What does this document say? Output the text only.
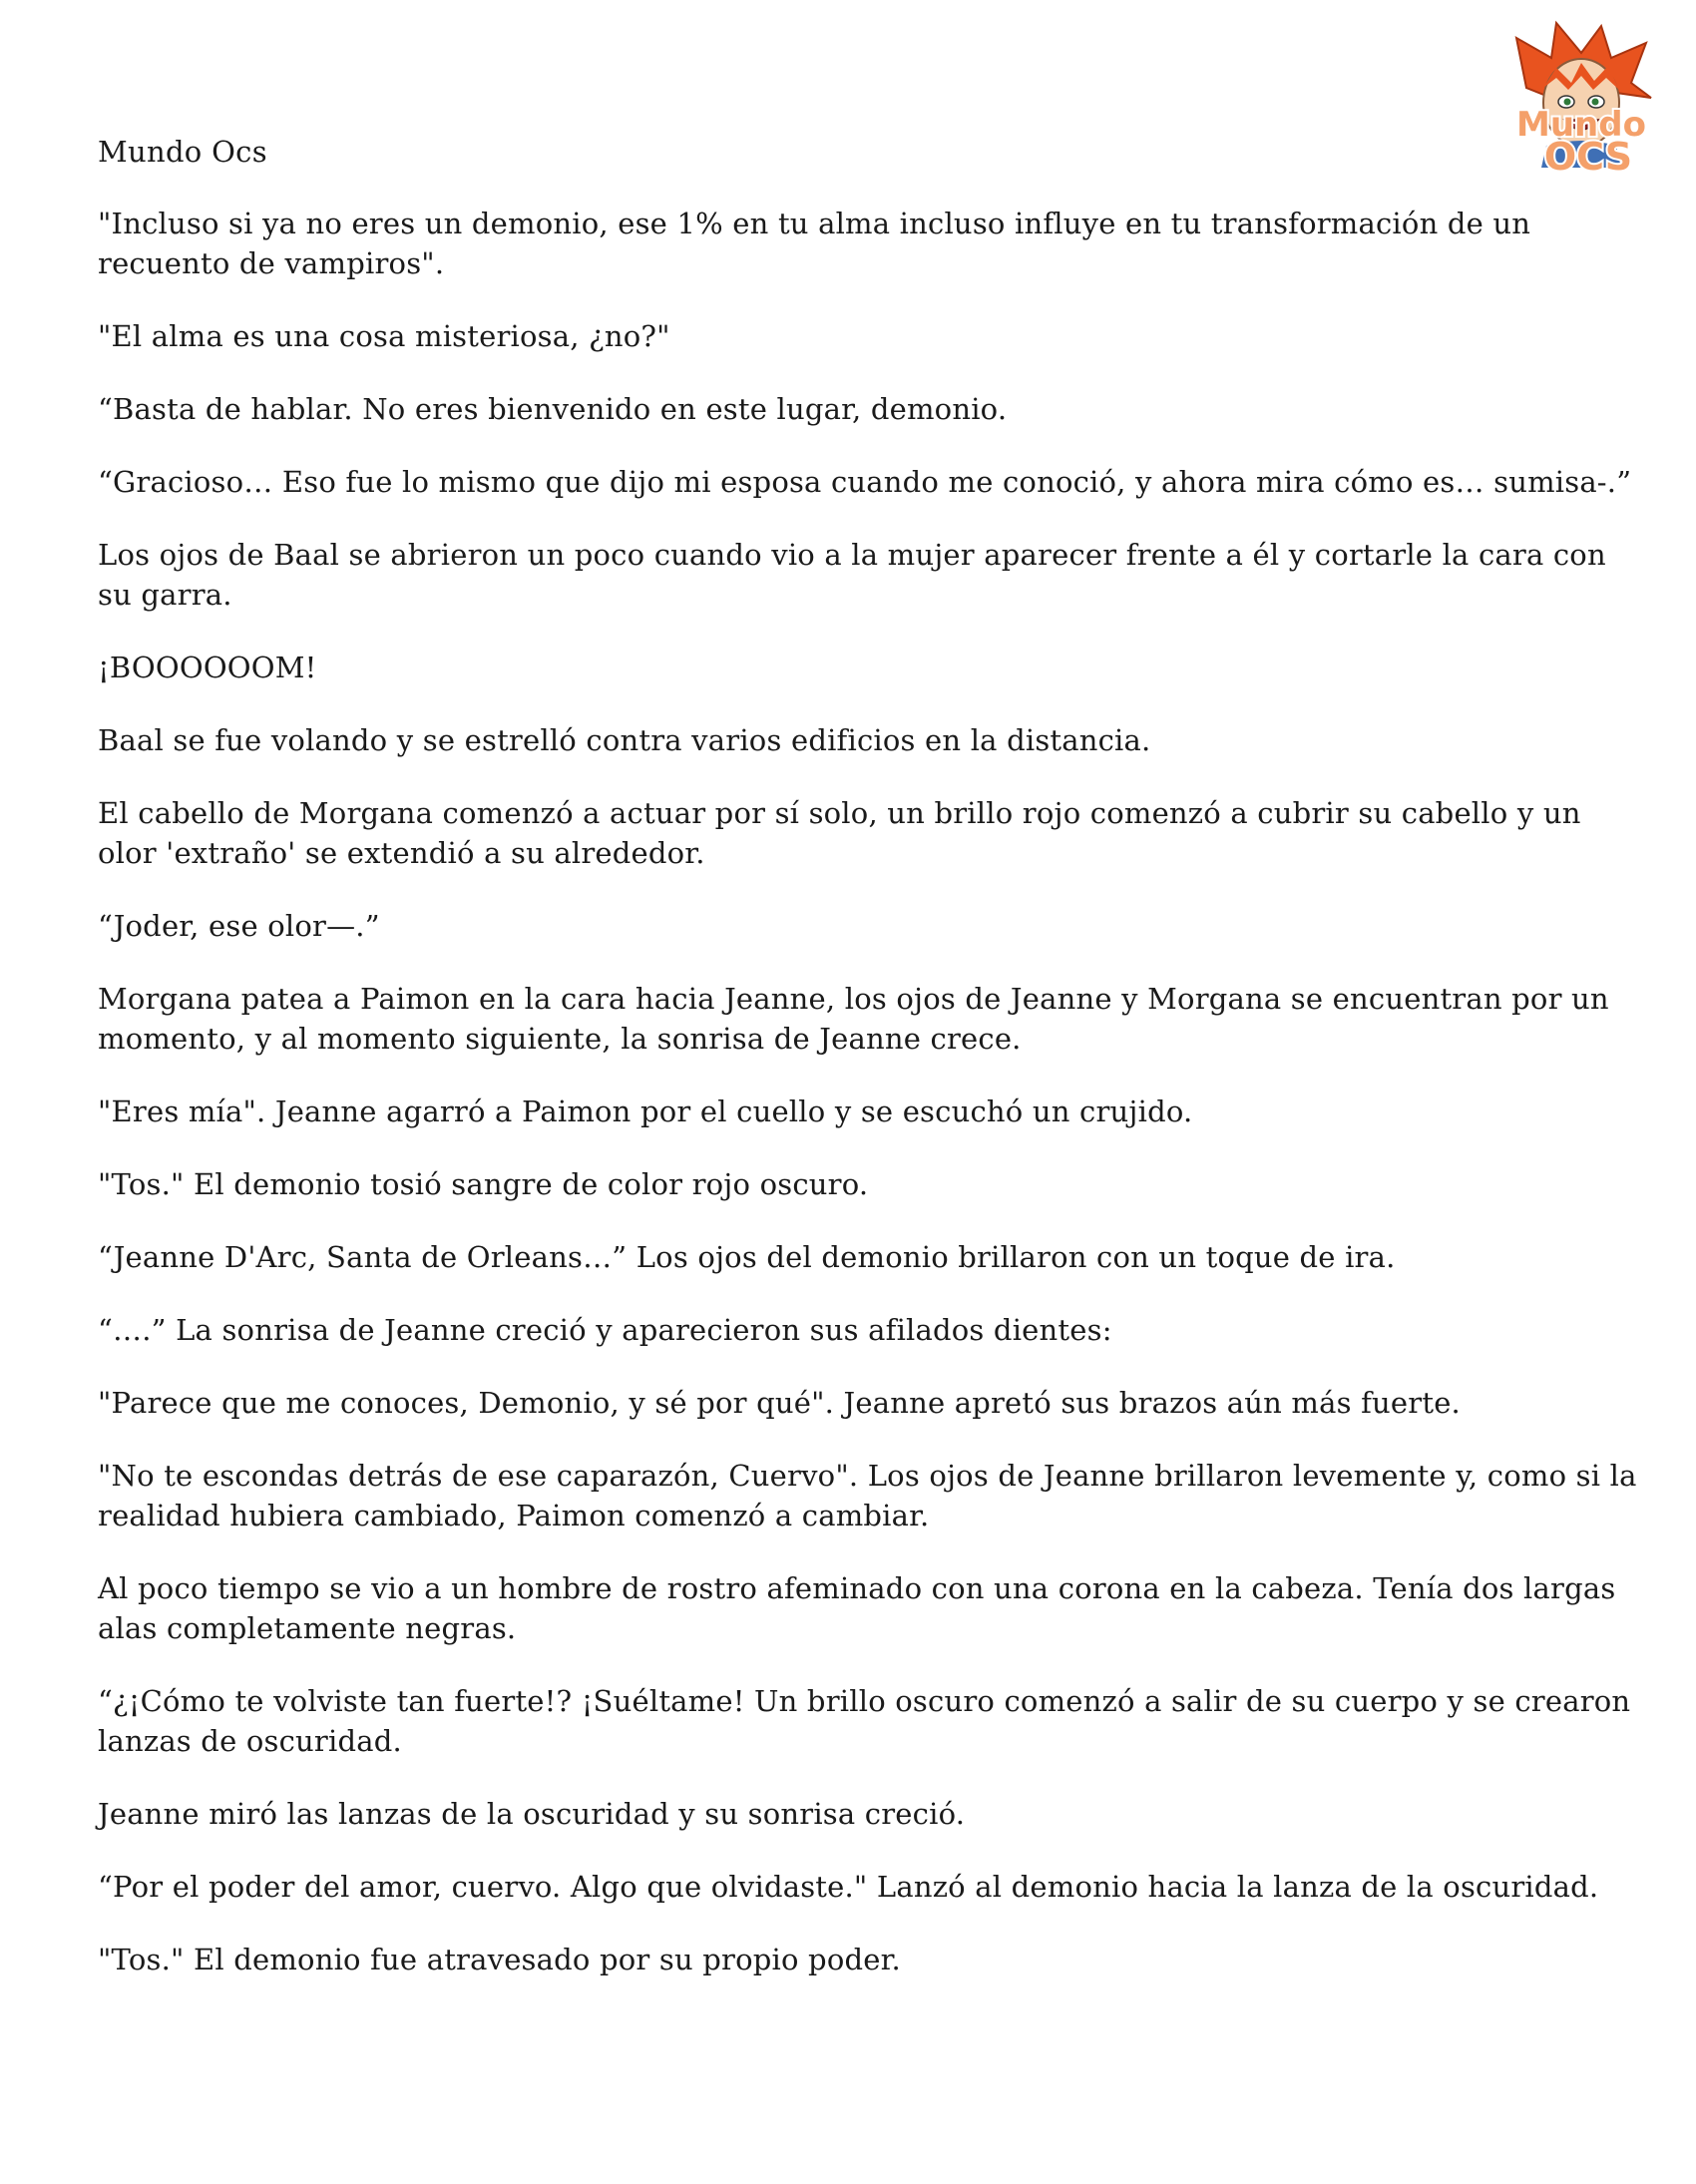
Mundo
OCS
Mundo Ocs

"Incluso si ya no eres un demonio, ese 1% en tu alma incluso influye en tu transformación de un recuento de vampiros".

"El alma es una cosa misteriosa, ¿no?"

“Basta de hablar. No eres bienvenido en este lugar, demonio.

“Gracioso… Eso fue lo mismo que dijo mi esposa cuando me conoció, y ahora mira cómo es… sumisa-.”

Los ojos de Baal se abrieron un poco cuando vio a la mujer aparecer frente a él y cortarle la cara con su garra.

¡BOOOOOOM!

Baal se fue volando y se estrelló contra varios edificios en la distancia.

El cabello de Morgana comenzó a actuar por sí solo, un brillo rojo comenzó a cubrir su cabello y un olor 'extraño' se extendió a su alrededor.

“Joder, ese olor—.”

Morgana patea a Paimon en la cara hacia Jeanne, los ojos de Jeanne y Morgana se encuentran por un momento, y al momento siguiente, la sonrisa de Jeanne crece.

"Eres mía". Jeanne agarró a Paimon por el cuello y se escuchó un crujido.

"Tos." El demonio tosió sangre de color rojo oscuro.

“Jeanne D'Arc, Santa de Orleans…” Los ojos del demonio brillaron con un toque de ira.

“….” La sonrisa de Jeanne creció y aparecieron sus afilados dientes:

"Parece que me conoces, Demonio, y sé por qué". Jeanne apretó sus brazos aún más fuerte.

"No te escondas detrás de ese caparazón, Cuervo". Los ojos de Jeanne brillaron levemente y, como si la realidad hubiera cambiado, Paimon comenzó a cambiar.

Al poco tiempo se vio a un hombre de rostro afeminado con una corona en la cabeza. Tenía dos largas alas completamente negras.

“¿¡Cómo te volviste tan fuerte!? ¡Suéltame! Un brillo oscuro comenzó a salir de su cuerpo y se crearon lanzas de oscuridad.

Jeanne miró las lanzas de la oscuridad y su sonrisa creció.

“Por el poder del amor, cuervo. Algo que olvidaste." Lanzó al demonio hacia la lanza de la oscuridad.

"Tos." El demonio fue atravesado por su propio poder.
